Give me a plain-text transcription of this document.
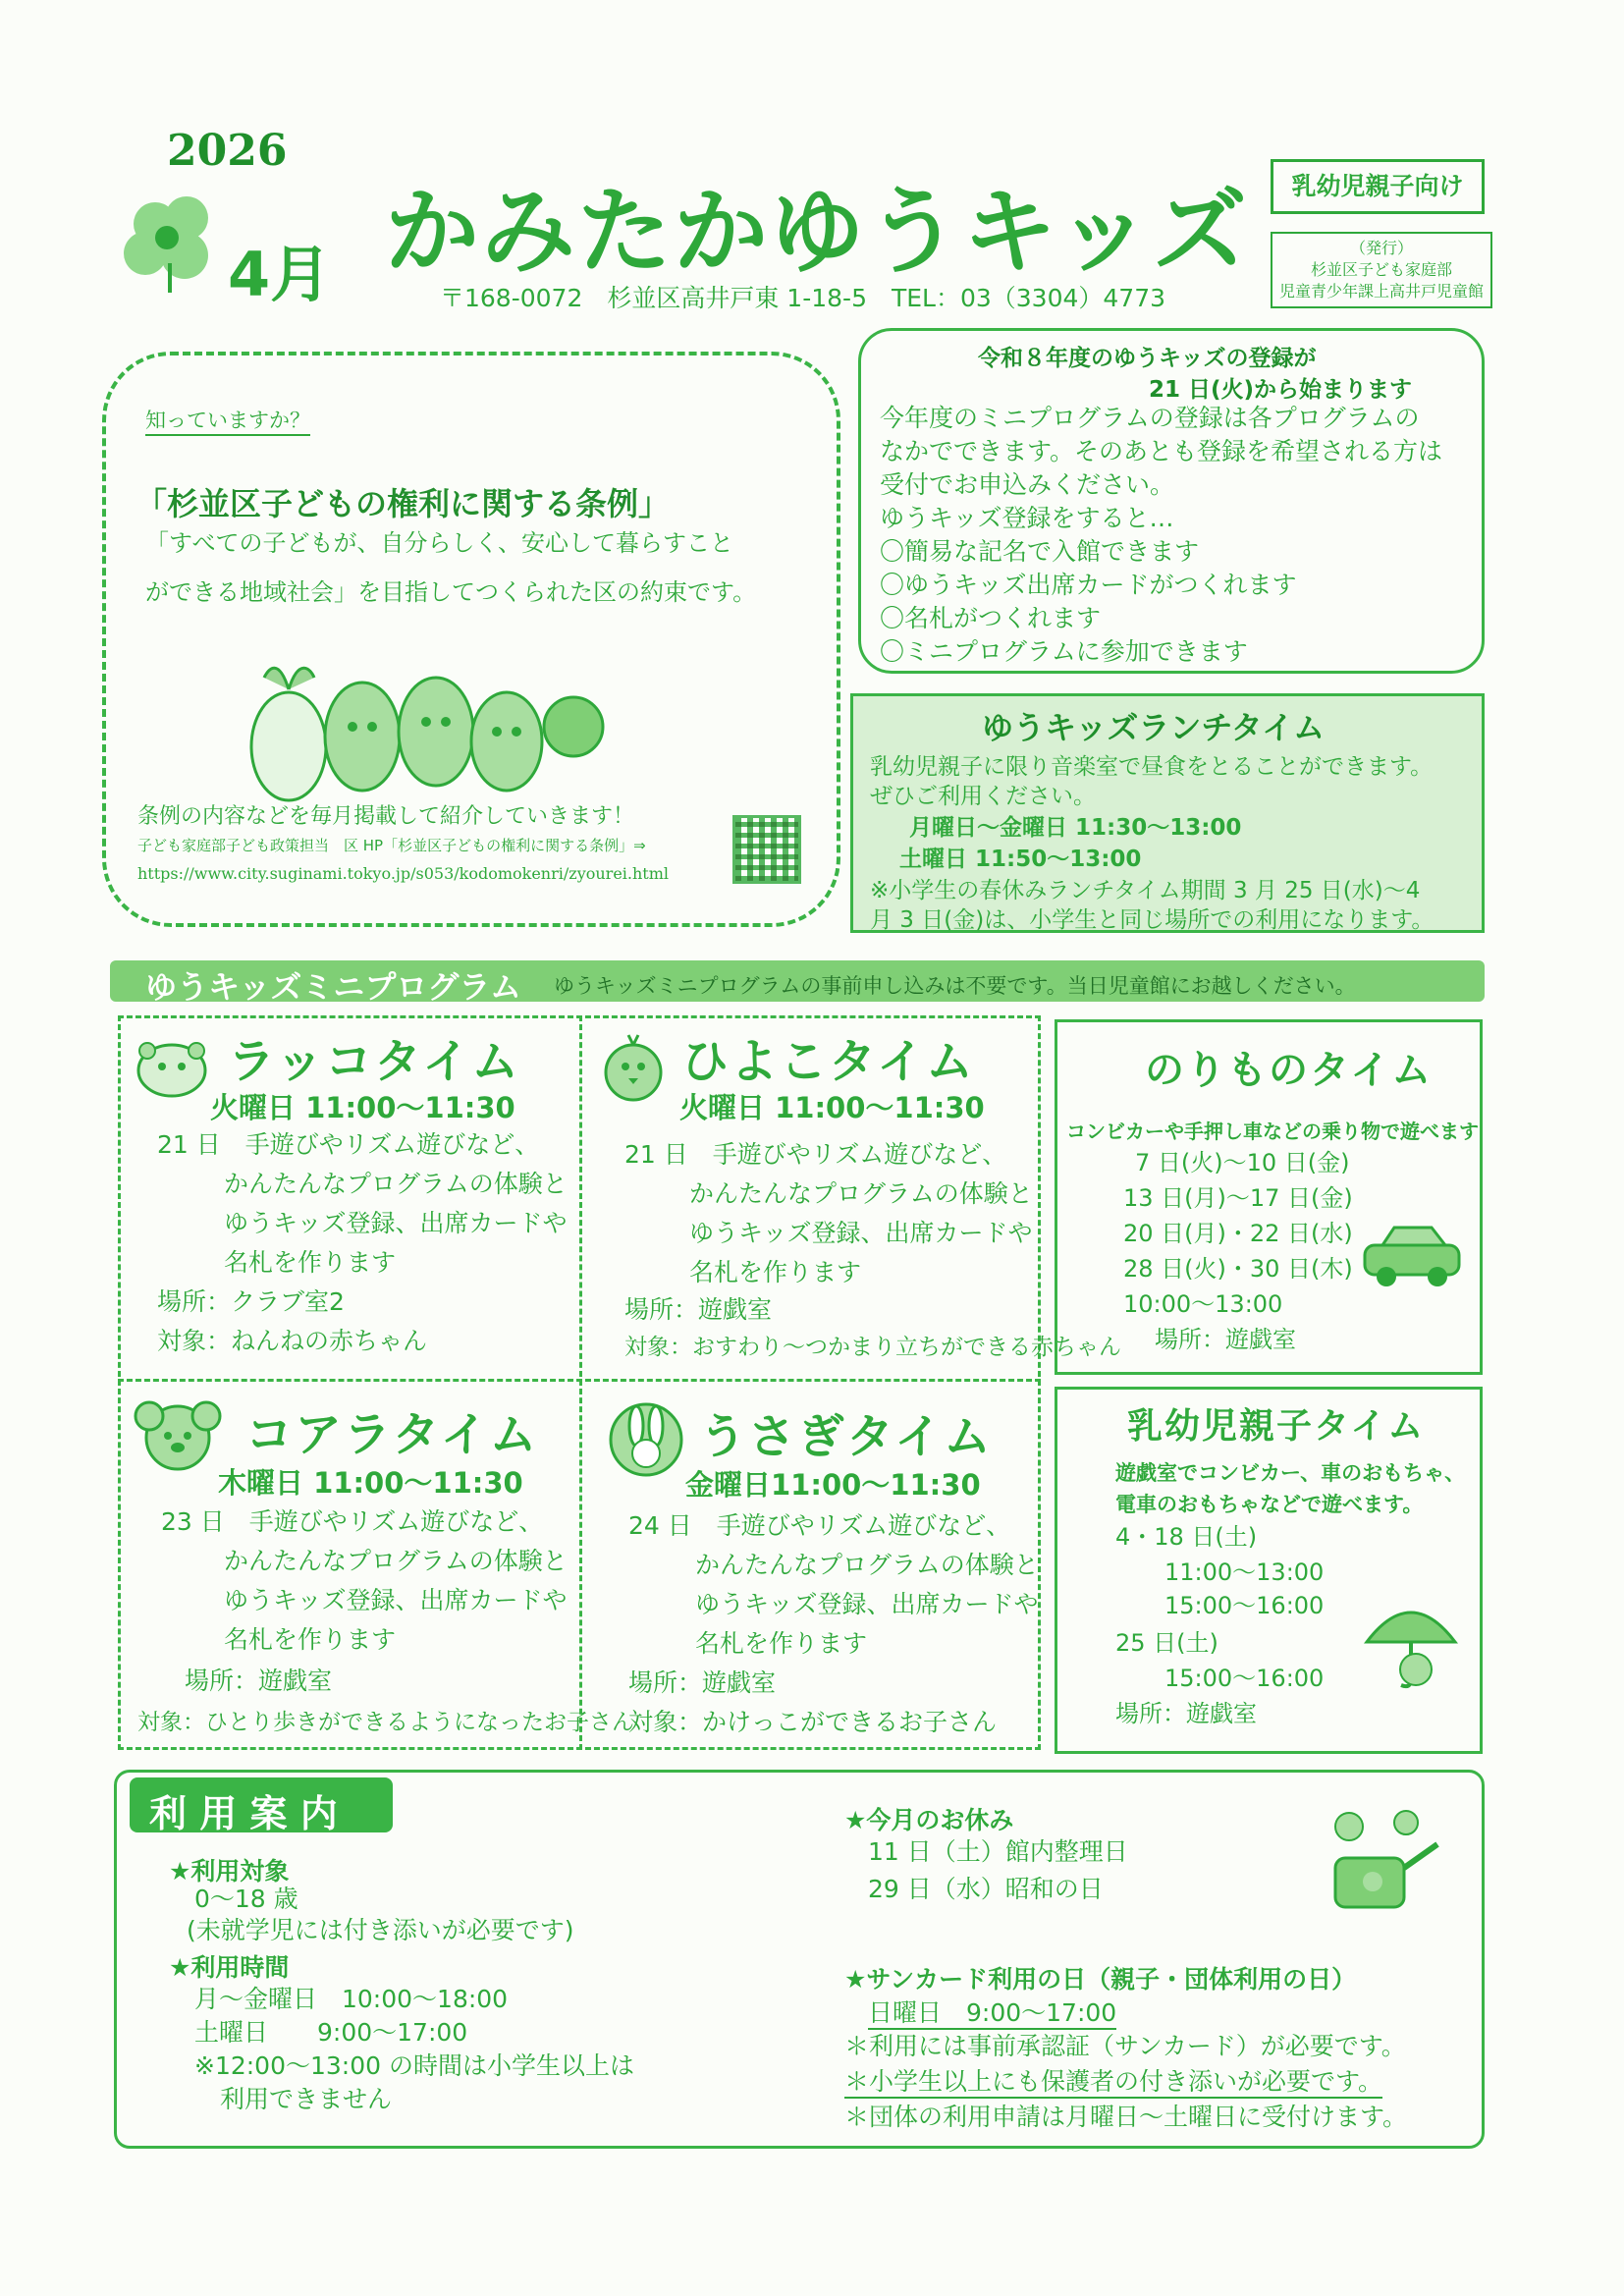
2026
4月 かみたかゆうキッズ	乳幼児親子向け
（発行）
杉並区子ども家庭部
児童青少年課上高井戸児童館
〒168-0072　杉並区高井戸東 1-18-5　TEL：03（3304）4773
知っていますか？
「杉並区子どもの権利に関する条例」
「すべての子どもが、自分らしく、安心して暮らすこと
ができる地域社会」を目指してつくられた区の約束です。
条例の内容などを毎月掲載して紹介していきます！
子ども家庭部子ども政策担当　区 HP「杉並区子どもの権利に関する条例」⇒
https://www.city.suginami.tokyo.jp/s053/kodomokenri/zyourei.html
令和８年度のゆうキッズの登録が
21 日(火)から始まります
今年度のミニプログラムの登録は各プログラムの
なかでできます。そのあとも登録を希望される方は
受付でお申込みください。
ゆうキッズ登録をすると…
〇簡易な記名で入館できます
〇ゆうキッズ出席カードがつくれます
〇名札がつくれます
〇ミニプログラムに参加できます
ゆうキッズランチタイム
乳幼児親子に限り音楽室で昼食をとることができます。
ぜひご利用ください。
月曜日～金曜日 11:30～13:00
土曜日 11:50～13:00
※小学生の春休みランチタイム期間 3 月 25 日(水)～4
月 3 日(金)は、小学生と同じ場所での利用になります。
ゆうキッズミニプログラム ゆうキッズミニプログラムの事前申し込みは不要です。当日児童館にお越しください。
ラッコタイム
火曜日 11:00～11:30
21 日　手遊びやリズム遊びなど、
かんたんなプログラムの体験と
ゆうキッズ登録、出席カードや
名札を作ります
場所：クラブ室2
対象：ねんねの赤ちゃん
ひよこタイム
火曜日 11:00～11:30
21 日　手遊びやリズム遊びなど、
かんたんなプログラムの体験と
ゆうキッズ登録、出席カードや
名札を作ります
場所：遊戯室
対象：おすわり～つかまり立ちができる赤ちゃん
コアラタイム
木曜日 11:00～11:30
23 日　手遊びやリズム遊びなど、
かんたんなプログラムの体験と
ゆうキッズ登録、出席カードや
名札を作ります
場所：遊戯室
対象：ひとり歩きができるようになったお子さん
うさぎタイム
金曜日11:00～11:30
24 日　手遊びやリズム遊びなど、
かんたんなプログラムの体験と
ゆうキッズ登録、出席カードや
名札を作ります
場所：遊戯室
対象：かけっこができるお子さん
のりものタイム
コンビカーや手押し車などの乗り物で遊べます
7 日(火)～10 日(金)
13 日(月)～17 日(金)
20 日(月)・22 日(水)
28 日(火)・30 日(木)
10:00～13:00
場所：遊戯室
乳幼児親子タイム
遊戯室でコンビカー、車のおもちゃ、
電車のおもちゃなどで遊べます。
4・18 日(土)
11:00～13:00
15:00～16:00
25 日(土)
15:00～16:00
場所：遊戯室
利 用 案 内
★利用対象
0～18 歳
(未就学児には付き添いが必要です)
★利用時間
月～金曜日　10:00～18:00
土曜日　　9:00～17:00
※12:00～13:00 の時間は小学生以上は
利用できません
★今月のお休み
11 日（土）館内整理日
29 日（水）昭和の日
★サンカード利用の日（親子・団体利用の日）
日曜日　9:00～17:00
＊利用には事前承認証（サンカード）が必要です。
＊小学生以上にも保護者の付き添いが必要です。
＊団体の利用申請は月曜日～土曜日に受付けます。
